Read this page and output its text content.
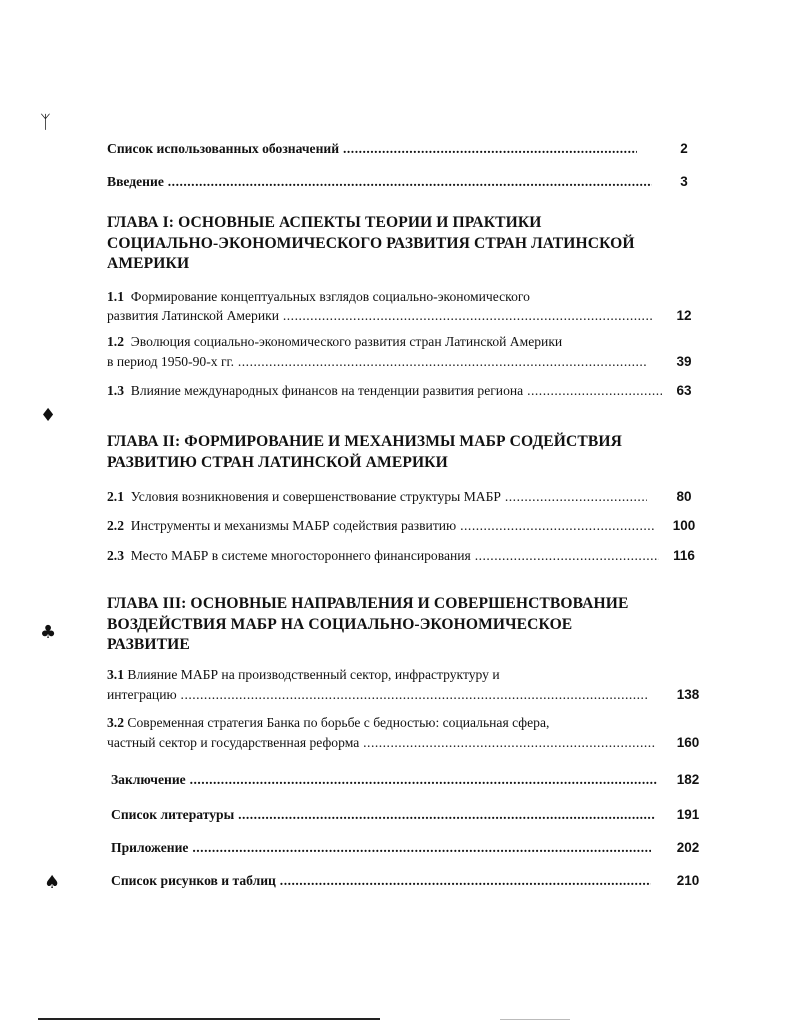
ᛉ
♦
♣
♠
Список использованных обозначений .....	2
Введение .....	3
ГЛАВА I: ОСНОВНЫЕ АСПЕКТЫ ТЕОРИИ И ПРАКТИКИ
СОЦИАЛЬНО-ЭКОНОМИЧЕСКОГО РАЗВИТИЯ СТРАН ЛАТИНСКОЙ
АМЕРИКИ
1.1 Формирование концептуальных взглядов социально-экономического
развития Латинской Америки .....	12
1.2 Эволюция социально-экономического развития стран Латинской Америки
в период 1950-90-х гг. .....	39
1.3 Влияние международных финансов на тенденции развития региона .....	63
ГЛАВА II: ФОРМИРОВАНИЕ И МЕХАНИЗМЫ МАБР СОДЕЙСТВИЯ
РАЗВИТИЮ СТРАН ЛАТИНСКОЙ АМЕРИКИ
2.1 Условия возникновения и совершенствование структуры МАБР .....	80
2.2 Инструменты и механизмы МАБР содействия развитию .....	100
2.3 Место МАБР в системе многостороннего финансирования .....	116
ГЛАВА III: ОСНОВНЫЕ НАПРАВЛЕНИЯ И СОВЕРШЕНСТВОВАНИЕ
ВОЗДЕЙСТВИЯ МАБР НА СОЦИАЛЬНО-ЭКОНОМИЧЕСКОЕ
РАЗВИТИЕ
3.1 Влияние МАБР на производственный сектор, инфраструктуру и
интеграцию .....	138
3.2 Современная стратегия Банка по борьбе с бедностью: социальная сфера,
частный сектор и государственная реформа .....	160
Заключение .....	182
Список литературы .....	191
Приложение .....	202
Список рисунков и таблиц .....	210
